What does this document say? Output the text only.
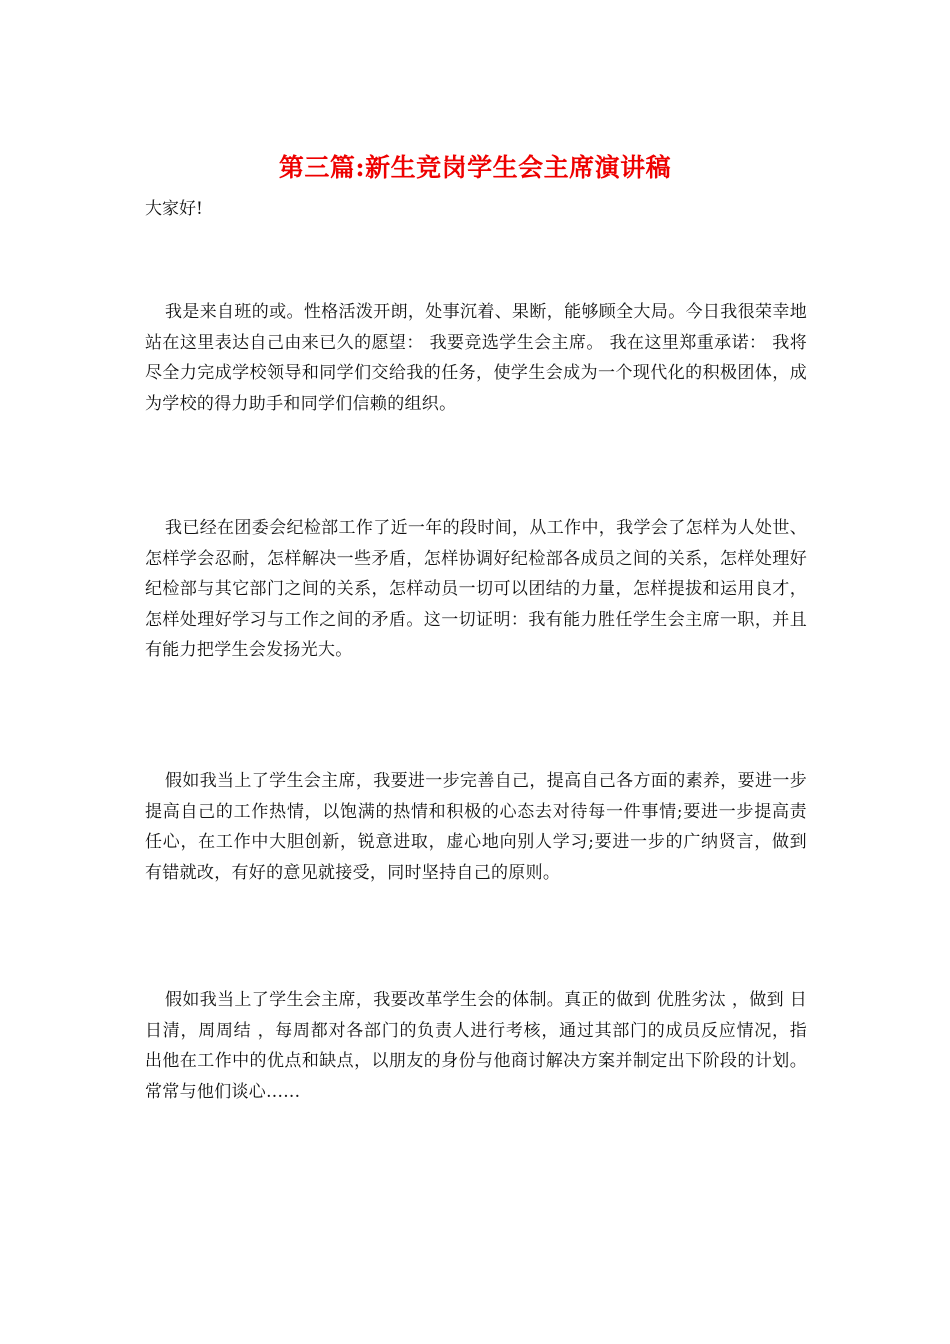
第三篇:新生竞岗学生会主席演讲稿
大家好!

我是来自班的或。性格活泼开朗，处事沉着、果断，能够顾全大局。今日我很荣幸地站在这里表达自己由来已久的愿望： 我要竞选学生会主席。 我在这里郑重承诺： 我将尽全力完成学校领导和同学们交给我的任务，使学生会成为一个现代化的积极团体，成为学校的得力助手和同学们信赖的组织。

我已经在团委会纪检部工作了近一年的段时间，从工作中，我学会了怎样为人处世、怎样学会忍耐，怎样解决一些矛盾，怎样协调好纪检部各成员之间的关系，怎样处理好纪检部与其它部门之间的关系，怎样动员一切可以团结的力量，怎样提拔和运用良才，怎样处理好学习与工作之间的矛盾。这一切证明：我有能力胜任学生会主席一职，并且有能力把学生会发扬光大。

假如我当上了学生会主席，我要进一步完善自己，提高自己各方面的素养，要进一步提高自己的工作热情，以饱满的热情和积极的心态去对待每一件事情;要进一步提高责任心，在工作中大胆创新，锐意进取，虚心地向别人学习;要进一步的广纳贤言，做到有错就改，有好的意见就接受，同时坚持自己的原则。

假如我当上了学生会主席，我要改革学生会的体制。真正的做到 优胜劣汰 ，做到 日日清，周周结 ，每周都对各部门的负责人进行考核，通过其部门的成员反应情况，指出他在工作中的优点和缺点，以朋友的身份与他商讨解决方案并制定出下阶段的计划。常常与他们谈心......
